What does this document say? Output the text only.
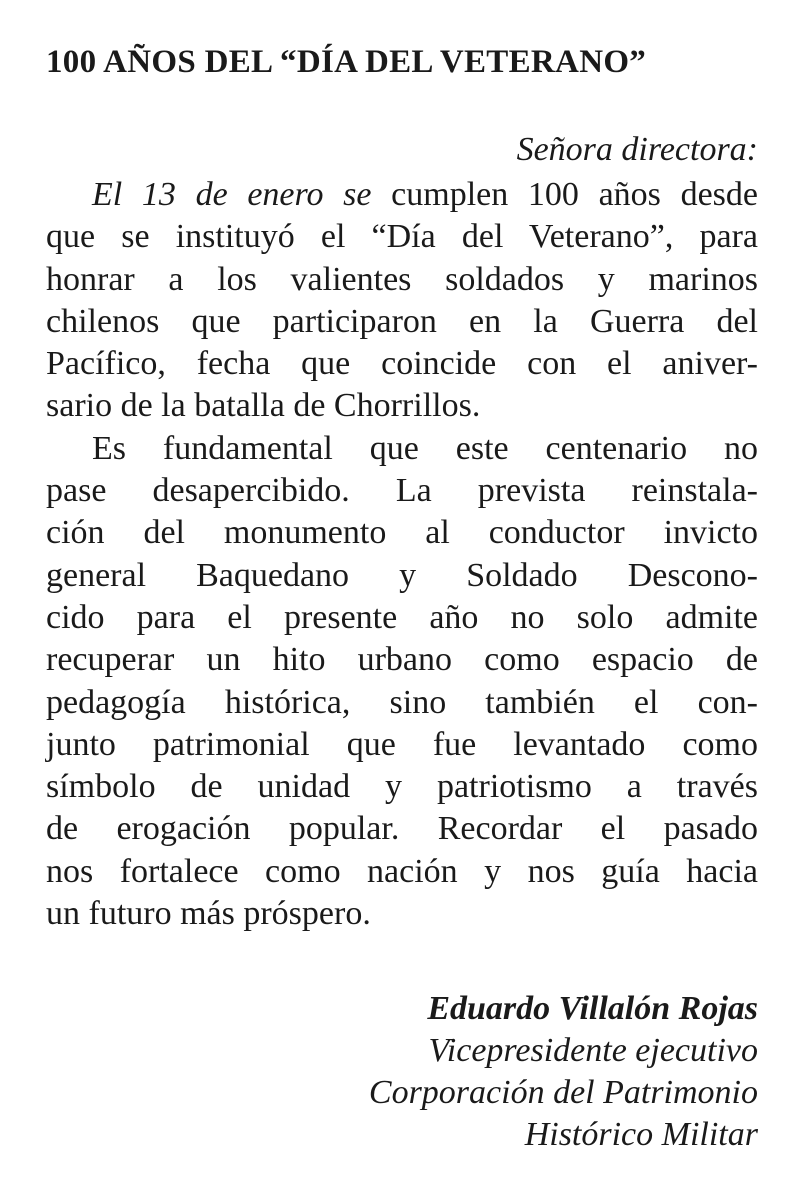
100 AÑOS DEL “DÍA DEL VETERANO”

Señora directora:

El 13 de enero se cumplen 100 años desde
que se instituyó el “Día del Veterano”, para
honrar a los valientes soldados y marinos
chilenos que participaron en la Guerra del
Pacífico, fecha que coincide con el aniver-
sario de la batalla de Chorrillos.
Es fundamental que este centenario no
pase desapercibido. La prevista reinstala-
ción del monumento al conductor invicto
general Baquedano y Soldado Descono-
cido para el presente año no solo admite
recuperar un hito urbano como espacio de
pedagogía histórica, sino también el con-
junto patrimonial que fue levantado como
símbolo de unidad y patriotismo a través
de erogación popular. Recordar el pasado
nos fortalece como nación y nos guía hacia
un futuro más próspero.
Eduardo Villalón Rojas
Vicepresidente ejecutivo
Corporación del Patrimonio
Histórico Militar
